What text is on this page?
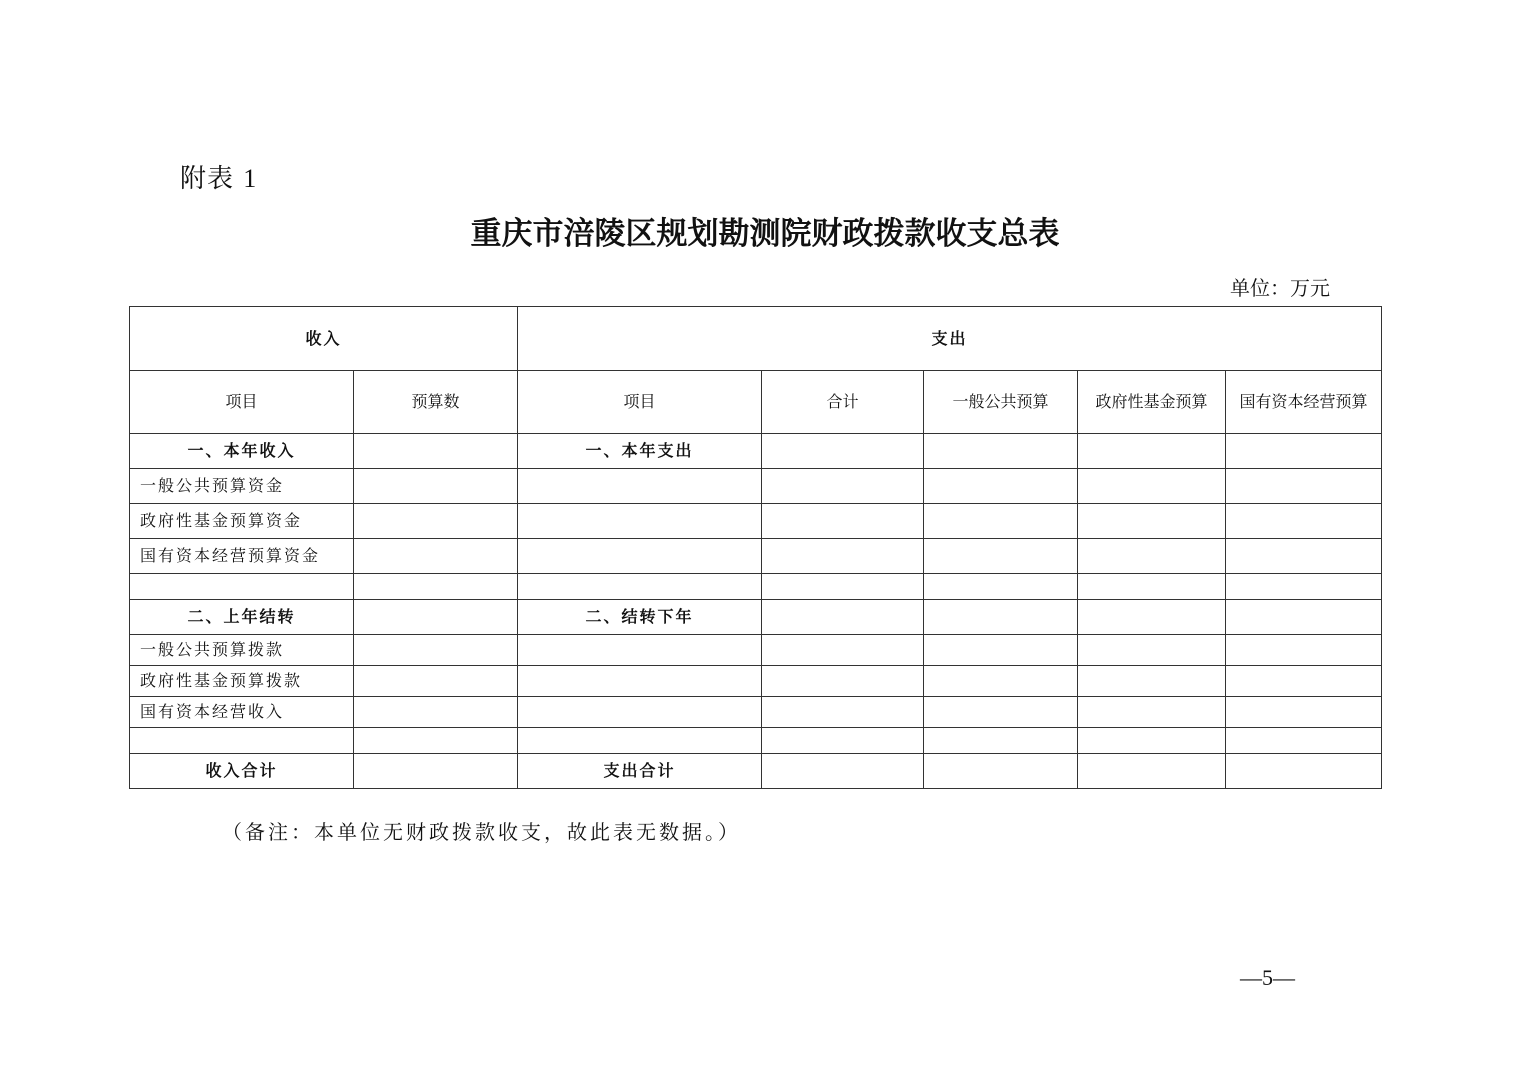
附表 1
重庆市涪陵区规划勘测院财政拨款收支总表
单位：万元
收入		支出				
项目	预算数	项目	合计	一般公共预算	政府性基金预算	国有资本经营预算
一、本年收入		一、本年支出				
一般公共预算资金						
政府性基金预算资金						
国有资本经营预算资金						

二、上年结转		二、结转下年				
一般公共预算拨款						
政府性基金预算拨款						
国有资本经营收入						

收入合计		支出合计				
（备注：本单位无财政拨款收支，故此表无数据。）
—5—
